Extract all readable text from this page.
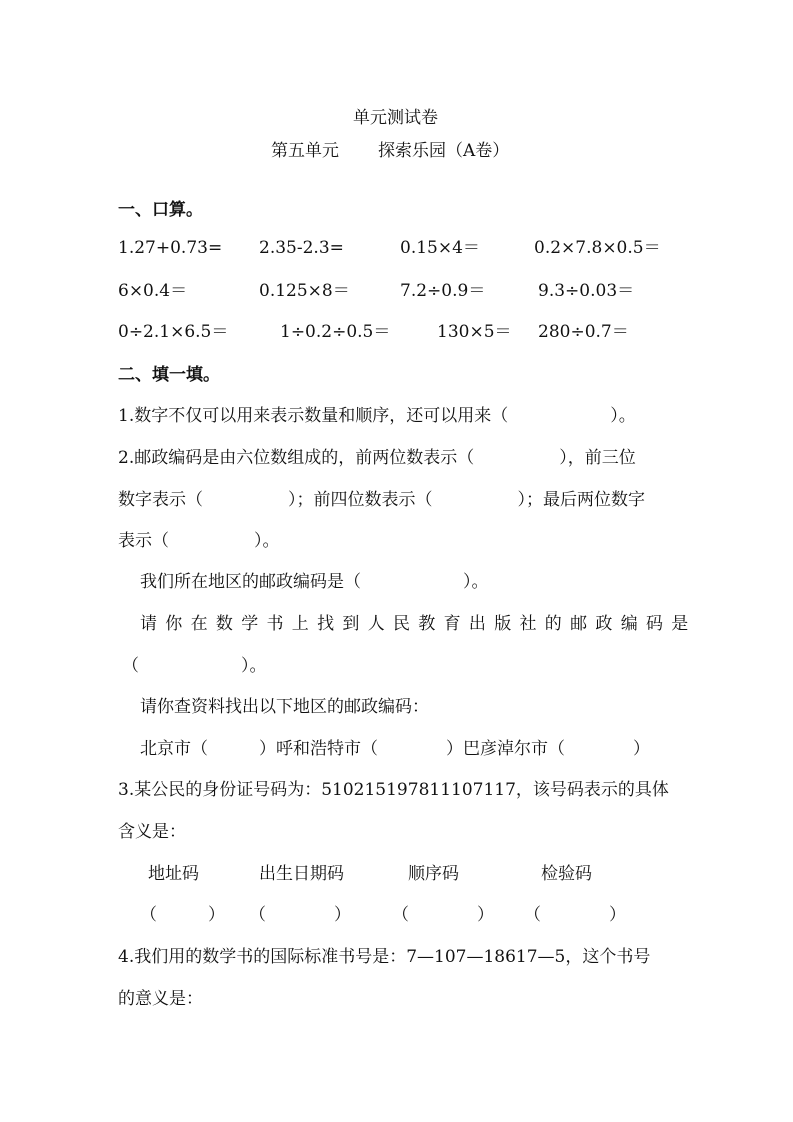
单元测试卷
第五单元 探索乐园（A卷）
一、口算。
1.27+0.73= 2.35-2.3=	0.15×4＝	0.2×7.8×0.5＝
6×0.4＝	0.125×8＝	7.2÷0.9＝	9.3÷0.03＝
0÷2.1×6.5＝	1÷0.2÷0.5＝	130×5＝ 280÷0.7＝
二、填一填。
1.数字不仅可以用来表示数量和顺序，还可以用来（　　　　　　）。
2.邮政编码是由六位数组成的，前两位数表示（　　　　　），前三位
数字表示（　　　　　）；前四位数表示（　　　　　）；最后两位数字
表示（　　　　　）。
我们所在地区的邮政编码是（　　　　　　）。
请你在数学书上找到人民教育出版社的邮政编码是
（　　　　　　）。
请你查资料找出以下地区的邮政编码：
北京市（　　　）呼和浩特市（　　　　）巴彦淖尔市（　　　　）
3.某公民的身份证号码为：510215197811107117，该号码表示的具体
含义是：
地址码	出生日期码	顺序码	检验码
（　　　） （　　　　） （　　　　） （　　　　）
4.我们用的数学书的国际标准书号是：7—107—18617—5，这个书号
的意义是：
